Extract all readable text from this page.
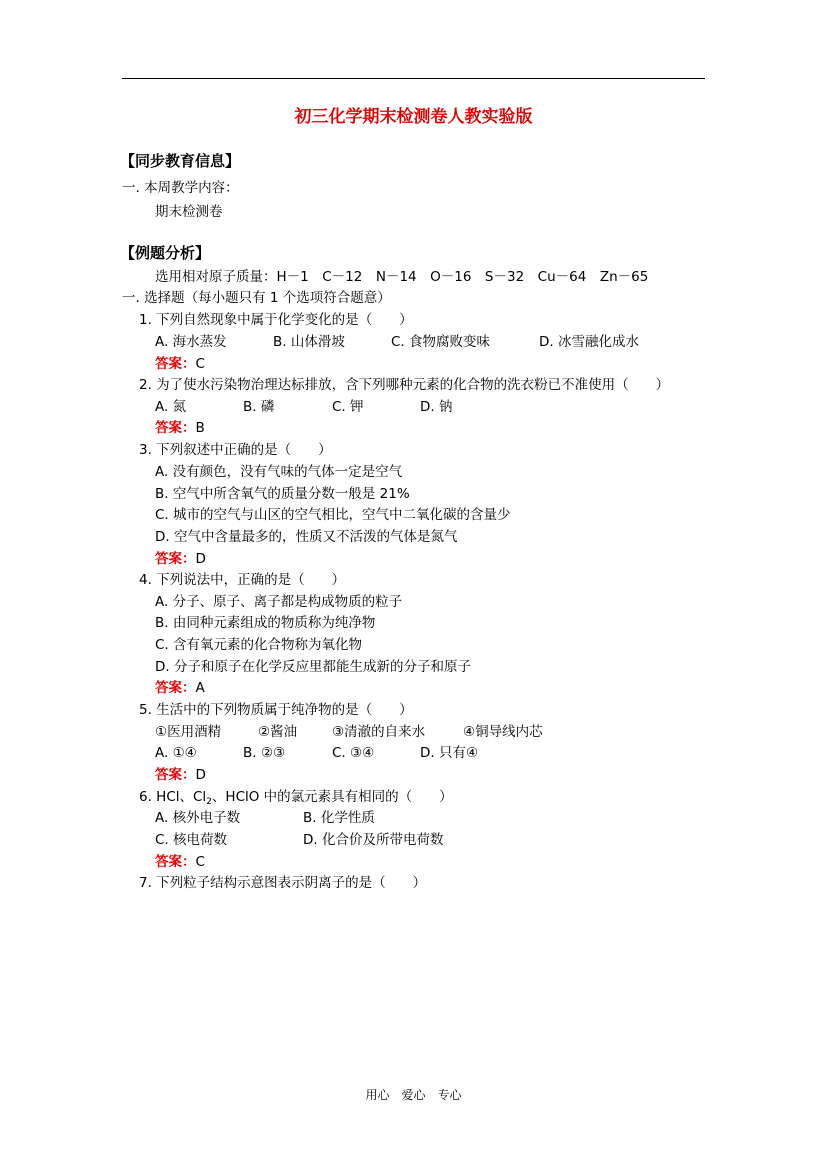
初三化学期末检测卷人教实验版
【同步教育信息】
一. 本周教学内容：
期末检测卷
【例题分析】
选用相对原子质量：H－1　C－12　N－14　O－16　S－32　Cu－64　Zn－65
一. 选择题（每小题只有 1 个选项符合题意）
1. 下列自然现象中属于化学变化的是（　　）
A. 海水蒸发	B. 山体滑坡	C. 食物腐败变味	D. 冰雪融化成水
答案：C
2. 为了使水污染物治理达标排放，含下列哪种元素的化合物的洗衣粉已不准使用（　　）
A. 氮	B. 磷	C. 钾	D. 钠
答案：B
3. 下列叙述中正确的是（　　）
A. 没有颜色，没有气味的气体一定是空气
B. 空气中所含氧气的质量分数一般是 21%
C. 城市的空气与山区的空气相比，空气中二氧化碳的含量少
D. 空气中含量最多的，性质又不活泼的气体是氮气
答案：D
4. 下列说法中，正确的是（　　）
A. 分子、原子、离子都是构成物质的粒子
B. 由同种元素组成的物质称为纯净物
C. 含有氧元素的化合物称为氧化物
D. 分子和原子在化学反应里都能生成新的分子和原子
答案：A
5. 生活中的下列物质属于纯净物的是（　　）
①医用酒精	②酱油	③清澈的自来水	④铜导线内芯
A. ①④	B. ②③	C. ③④	D. 只有④
答案：D
6. HCl、$Cl_2$、HClO 中的氯元素具有相同的（　　）
A. 核外电子数	B. 化学性质
C. 核电荷数	D. 化合价及所带电荷数
答案：C
7. 下列粒子结构示意图表示阴离子的是（　　）
用心 爱心 专心
